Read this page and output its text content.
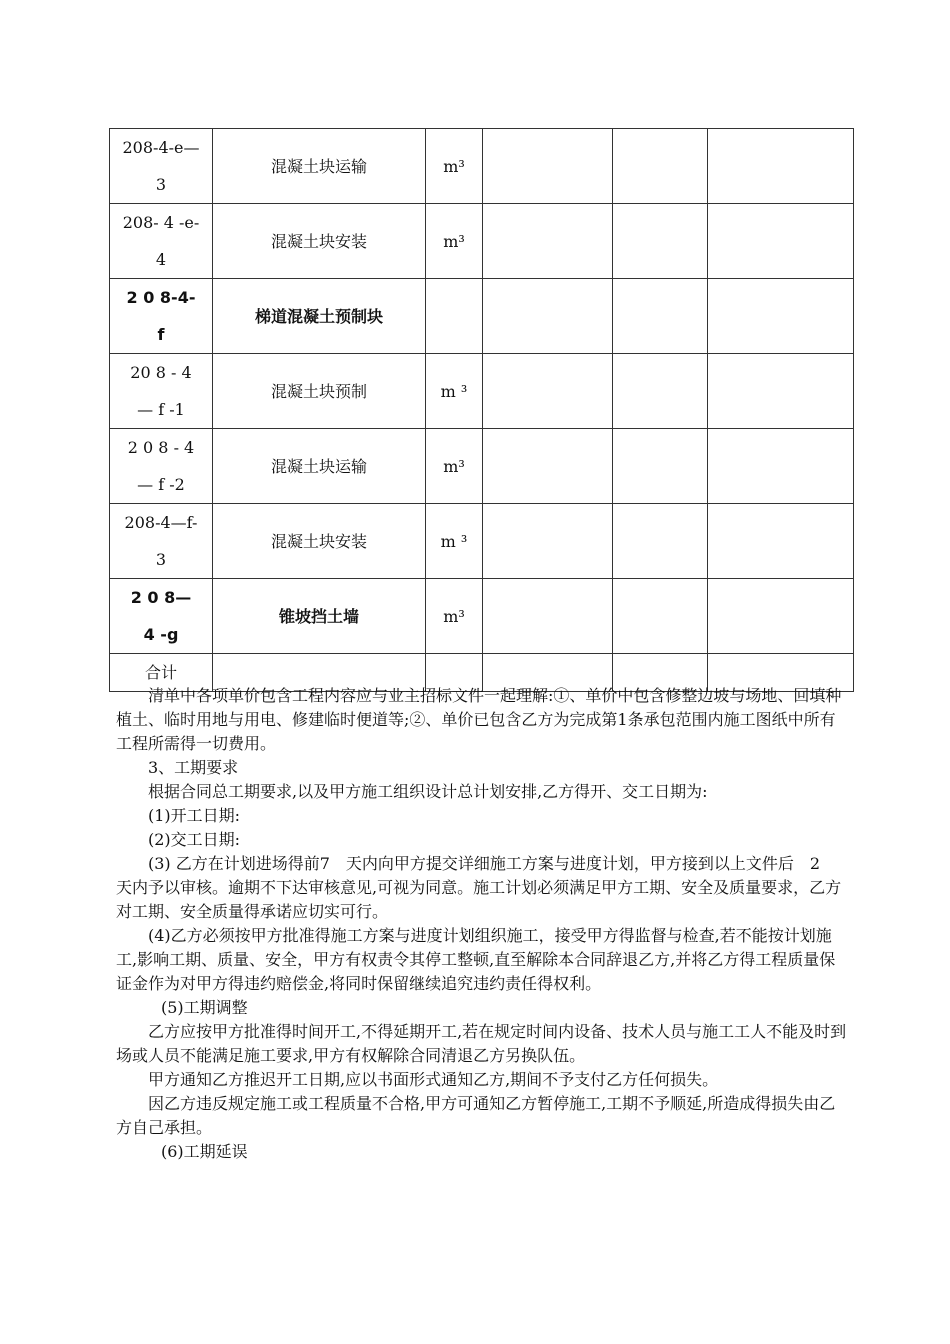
208-4-e—
3	混凝土块运输	m³			

208- 4 -e-
4	混凝土块安装	m³			

2 0 8-4-
f	梯道混凝土预制块				

20 8 - 4
— f -1	混凝土块预制	m ³			

2 0 8 - 4
— f -2	混凝土块运输	m³			

208-4—f-
3	混凝土块安装	m ³			

2 0 8—
4 -g	锥坡挡土墙	m³			
合计					

清单中各项单价包含工程内容应与业主招标文件一起理解:①、单价中包含修整边坡与场地、回填种植土、临时用地与用电、修建临时便道等;②、单价已包含乙方为完成第1条承包范围内施工图纸中所有工程所需得一切费用。

3、工期要求

根据合同总工期要求,以及甲方施工组织设计总计划安排,乙方得开、交工日期为:

(1)开工日期:

(2)交工日期:

(3) 乙方在计划进场得前7　天内向甲方提交详细施工方案与进度计划，甲方接到以上文件后　2　天内予以审核。逾期不下达审核意见,可视为同意。施工计划必须满足甲方工期、安全及质量要求，乙方对工期、安全质量得承诺应切实可行。

(4)乙方必须按甲方批准得施工方案与进度计划组织施工，接受甲方得监督与检查,若不能按计划施工,影响工期、质量、安全，甲方有权责令其停工整顿,直至解除本合同辞退乙方,并将乙方得工程质量保证金作为对甲方得违约赔偿金,将同时保留继续追究违约责任得权利。

(5)工期调整

乙方应按甲方批准得时间开工,不得延期开工,若在规定时间内设备、技术人员与施工工人不能及时到场或人员不能满足施工要求,甲方有权解除合同清退乙方另换队伍。

甲方通知乙方推迟开工日期,应以书面形式通知乙方,期间不予支付乙方任何损失。

因乙方违反规定施工或工程质量不合格,甲方可通知乙方暂停施工,工期不予顺延,所造成得损失由乙方自己承担。

(6)工期延误
